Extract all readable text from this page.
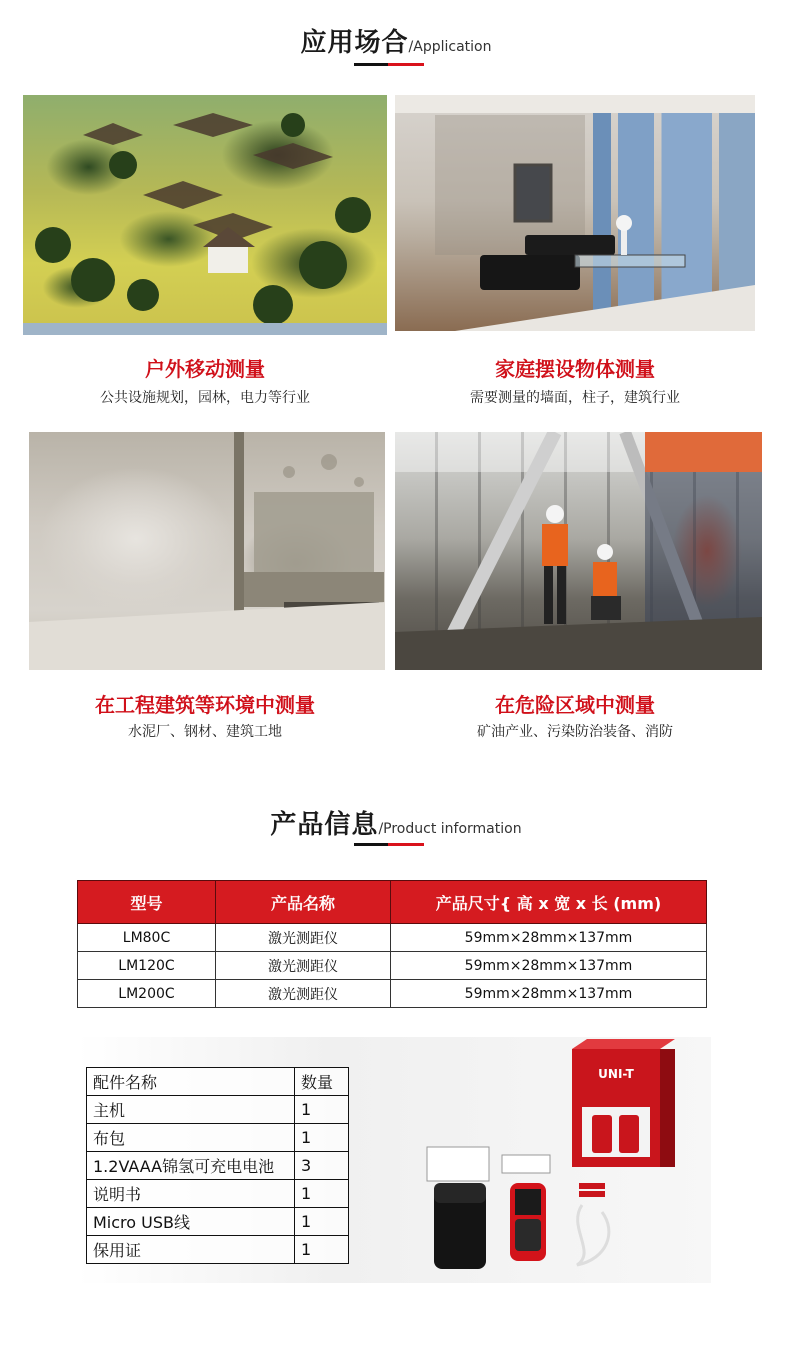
应用场合/Application
户外移动测量
公共设施规划，园林，电力等行业
家庭摆设物体测量
需要测量的墙面，柱子，建筑行业
在工程建筑等环境中测量
水泥厂、钢材、建筑工地
在危险区域中测量
矿油产业、污染防治装备、消防
产品信息/Product information
型号	产品名称	产品尺寸{ 高 x 宽 x 长 (mm)
LM80C	激光测距仪	59mm×28mm×137mm
LM120C	激光测距仪	59mm×28mm×137mm
LM200C	激光测距仪	59mm×28mm×137mm
UNI-T
配件名称	数量
主机	1
布包	1
1.2VAAA锦氢可充电电池	3
说明书	1
Micro USB线	1
保用证	1
